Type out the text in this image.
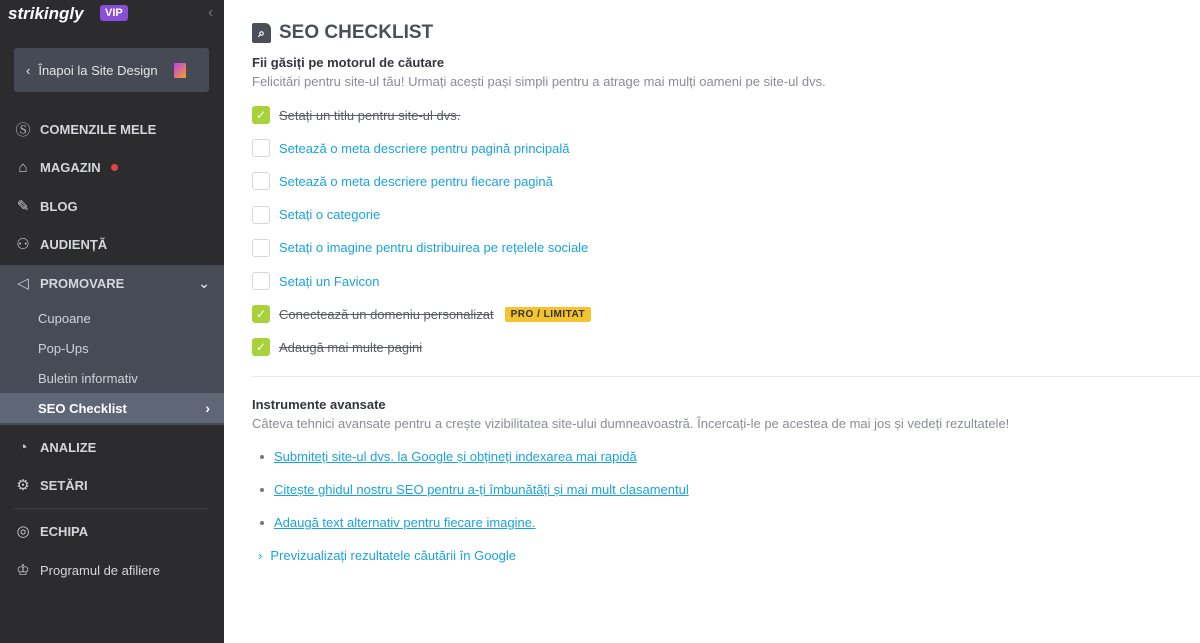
strikingly	VIP	‹
‹ Înapoi la Site Design
Ⓢ COMENZILE MELE
⌂ MAGAZIN
✎ BLOG
⚇ AUDIENȚĂ
◁ PROMOVARE	⌄
Cupoane
Pop-Ups
Buletin informativ
SEO Checklist	›
◔ ANALIZE
⚙ SETĂRI
◎ ECHIPA
♔ Programul de afiliere
⌕ SEO CHECKLIST
Fii găsiți pe motorul de căutare
Felicitări pentru site-ul tău! Urmați acești pași simpli pentru a atrage mai mulți oameni pe site-ul dvs.
✓ Setați un titlu pentru site-ul dvs.
Setează o meta descriere pentru pagină principală
Setează o meta descriere pentru fiecare pagină
Setați o categorie
Setați o imagine pentru distribuirea pe rețelele sociale
Setați un Favicon
✓ Conectează un domeniu personalizat	PRO / LIMITAT
✓ Adaugă mai multe pagini
Instrumente avansate
Câteva tehnici avansate pentru a crește vizibilitatea site-ului dumneavoastră. Încercați-le pe acestea de mai jos și vedeți rezultatele!
Submiteți site-ul dvs. la Google și obțineți indexarea mai rapidă
Citește ghidul nostru SEO pentru a-ți îmbunătăți și mai mult clasamentul
Adaugă text alternativ pentru fiecare imagine.
› Previzualizați rezultatele căutării în Google
